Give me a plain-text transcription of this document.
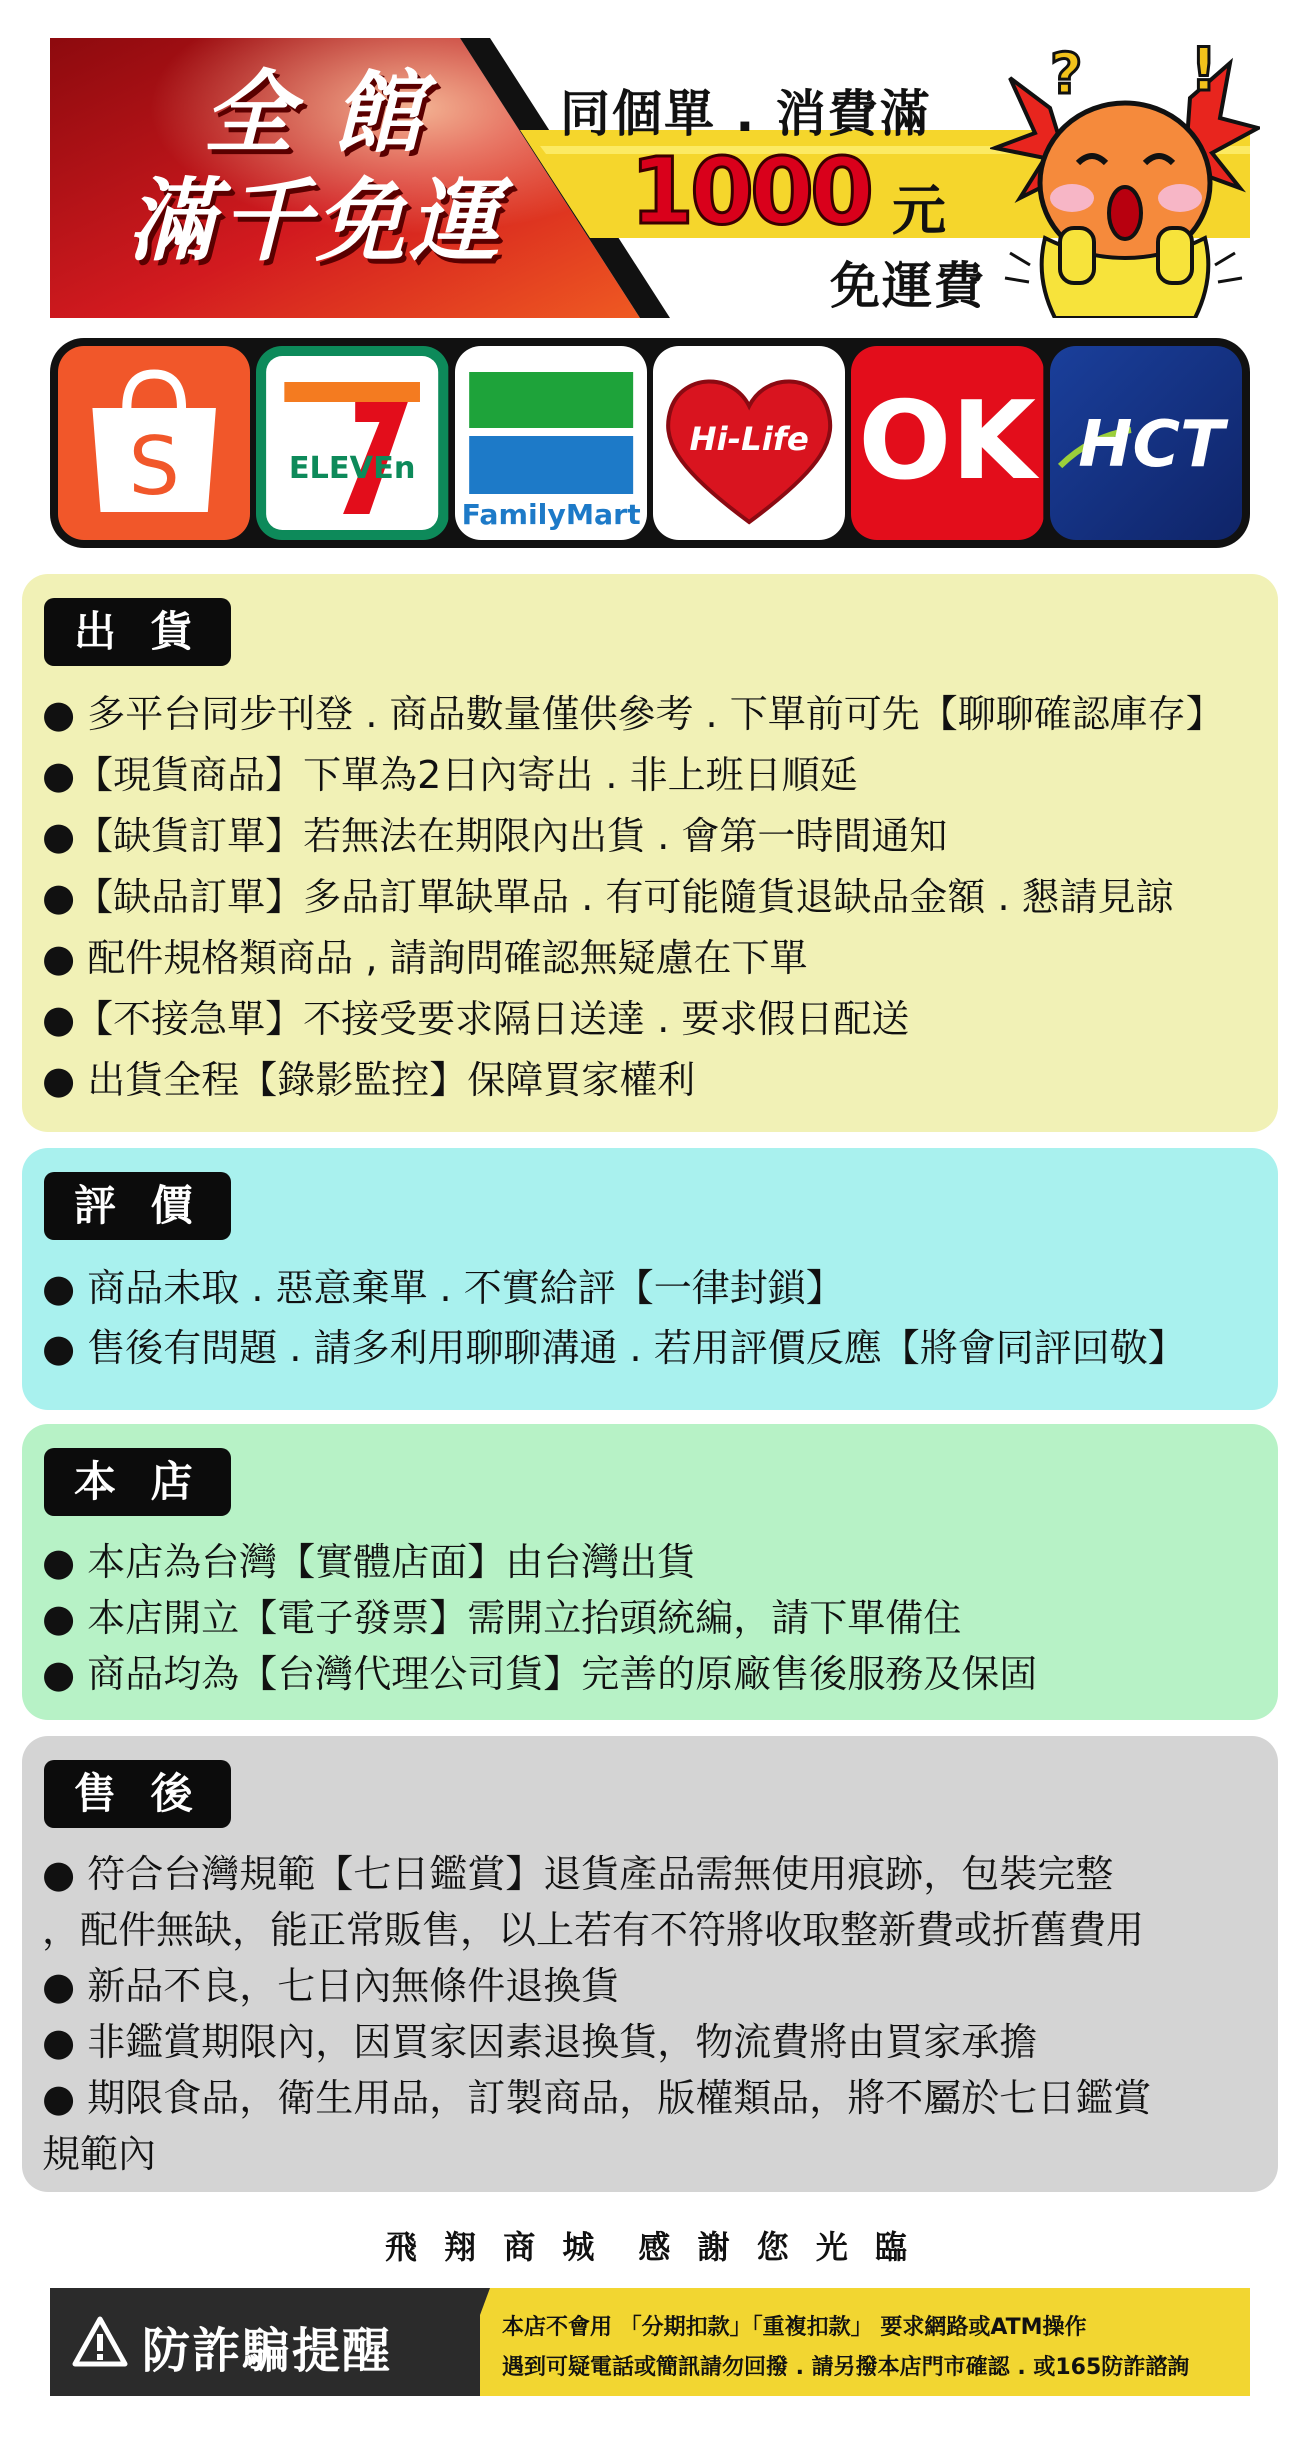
全 館
滿千免運
同個單 . 消費滿
1000 元
免運費
? !
S	ELEVEn
FamilyMart
Hi-Life OK HCT
出 貨
● 多平台同步刊登 . 商品數量僅供參考 . 下單前可先【聊聊確認庫存】
●【現貨商品】下單為2日內寄出 . 非上班日順延
●【缺貨訂單】若無法在期限內出貨 . 會第一時間通知
●【缺品訂單】多品訂單缺單品 . 有可能隨貨退缺品金額 . 懇請見諒
● 配件規格類商品 , 請詢問確認無疑慮在下單
●【不接急單】不接受要求隔日送達 . 要求假日配送
● 出貨全程【錄影監控】保障買家權利
評 價
● 商品未取 . 惡意棄單 . 不實給評【一律封鎖】
● 售後有問題 . 請多利用聊聊溝通 . 若用評價反應【將會同評回敬】
本 店
● 本店為台灣【實體店面】由台灣出貨
● 本店開立【電子發票】需開立抬頭統編，請下單備住
● 商品均為【台灣代理公司貨】完善的原廠售後服務及保固
售 後
● 符合台灣規範【七日鑑賞】退貨產品需無使用痕跡，包裝完整
，配件無缺，能正常販售，以上若有不符將收取整新費或折舊費用
● 新品不良，七日內無條件退換貨
● 非鑑賞期限內，因買家因素退換貨，物流費將由買家承擔
● 期限食品，衛生用品，訂製商品，版權類品，將不屬於七日鑑賞
規範內
飛 翔 商 城 感 謝 您 光 臨
防詐騙提醒	本店不會用 「分期扣款」「重複扣款」 要求網路或ATM操作
遇到可疑電話或簡訊請勿回撥 . 請另撥本店門市確認 . 或165防詐諮詢
